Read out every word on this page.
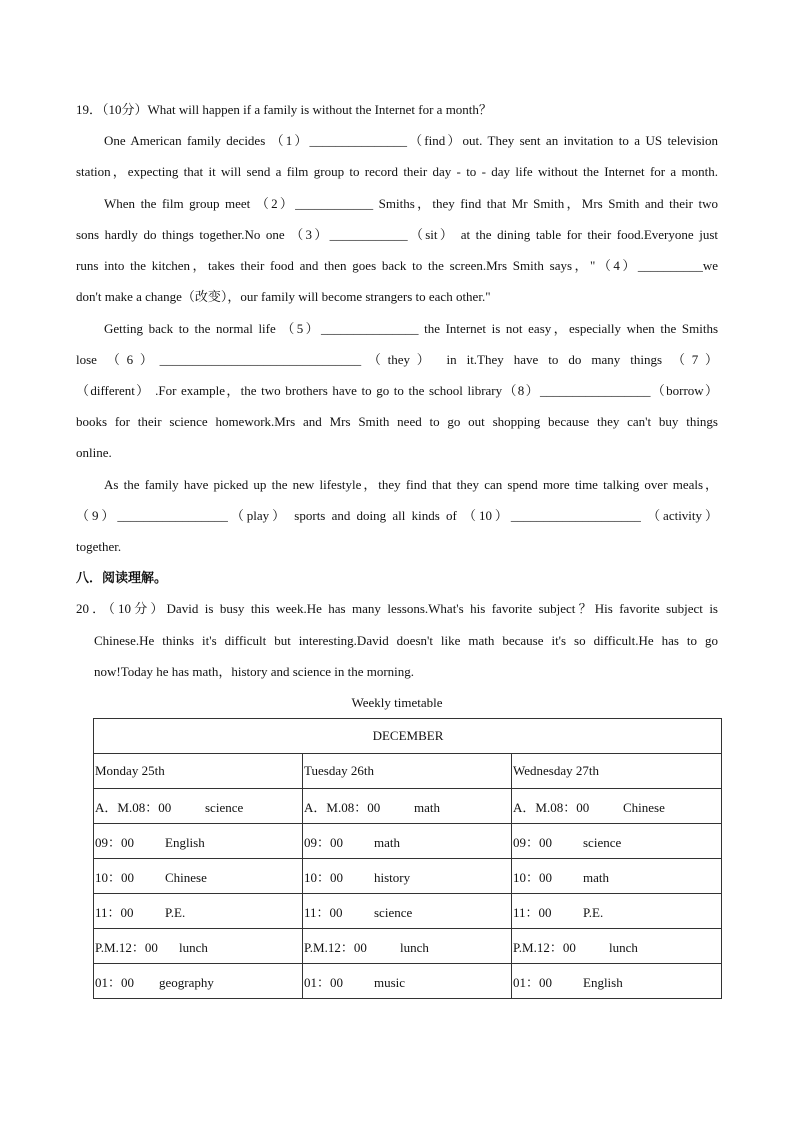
19．（10分）What will happen if a family is without the Internet for a month？
One American family decides （1）_______________（find）out. They sent an invitation to a US television
station，expecting that it will send a film group to record their day - to - day life without the Internet for a month.
When the film group meet （2）____________ Smiths，they find that Mr Smith，Mrs Smith and their two
sons hardly do things together.No one （3）____________（sit） at the dining table for their food.Everyone just
runs into the kitchen，takes their food and then goes back to the screen.Mrs Smith says，"（4）__________we
don't make a change（改变），our family will become strangers to each other."
Getting back to the normal life （5）_______________ the Internet is not easy，especially when the Smiths
lose （6）_______________________________（they） in it.They have to do many things （7）
（different） .For example，the two brothers have to go to the school library（8）_________________（borrow）
books for their science homework.Mrs and Mrs Smith need to go out shopping because they can't buy things
online.
As the family have picked up the new lifestyle，they find that they can spend more time talking over meals，
（9）_________________（play） sports and doing all kinds of （10）____________________ （activity）
together.
八．阅读理解。
20．（10分）David is busy this week.He has many lessons.What's his favorite subject？His favorite subject is
Chinese.He thinks it's difficult but interesting.David doesn't like math because it's so difficult.He has to go
now!Today he has math，history and science in the morning.
Weekly timetable
DECEMBER		
Monday 25th	Tuesday 26th	Wednesday 27th
A．M.08：00 science	A．M.08：00 math	A．M.08：00 Chinese
09：00 English	09：00 math	09：00 science
10：00 Chinese	10：00 history	10：00 math
11：00 P.E.	11：00 science	11：00 P.E.
P.M.12：00 lunch	P.M.12：00 lunch	P.M.12：00 lunch
01：00 geography	01：00 music	01：00 English
